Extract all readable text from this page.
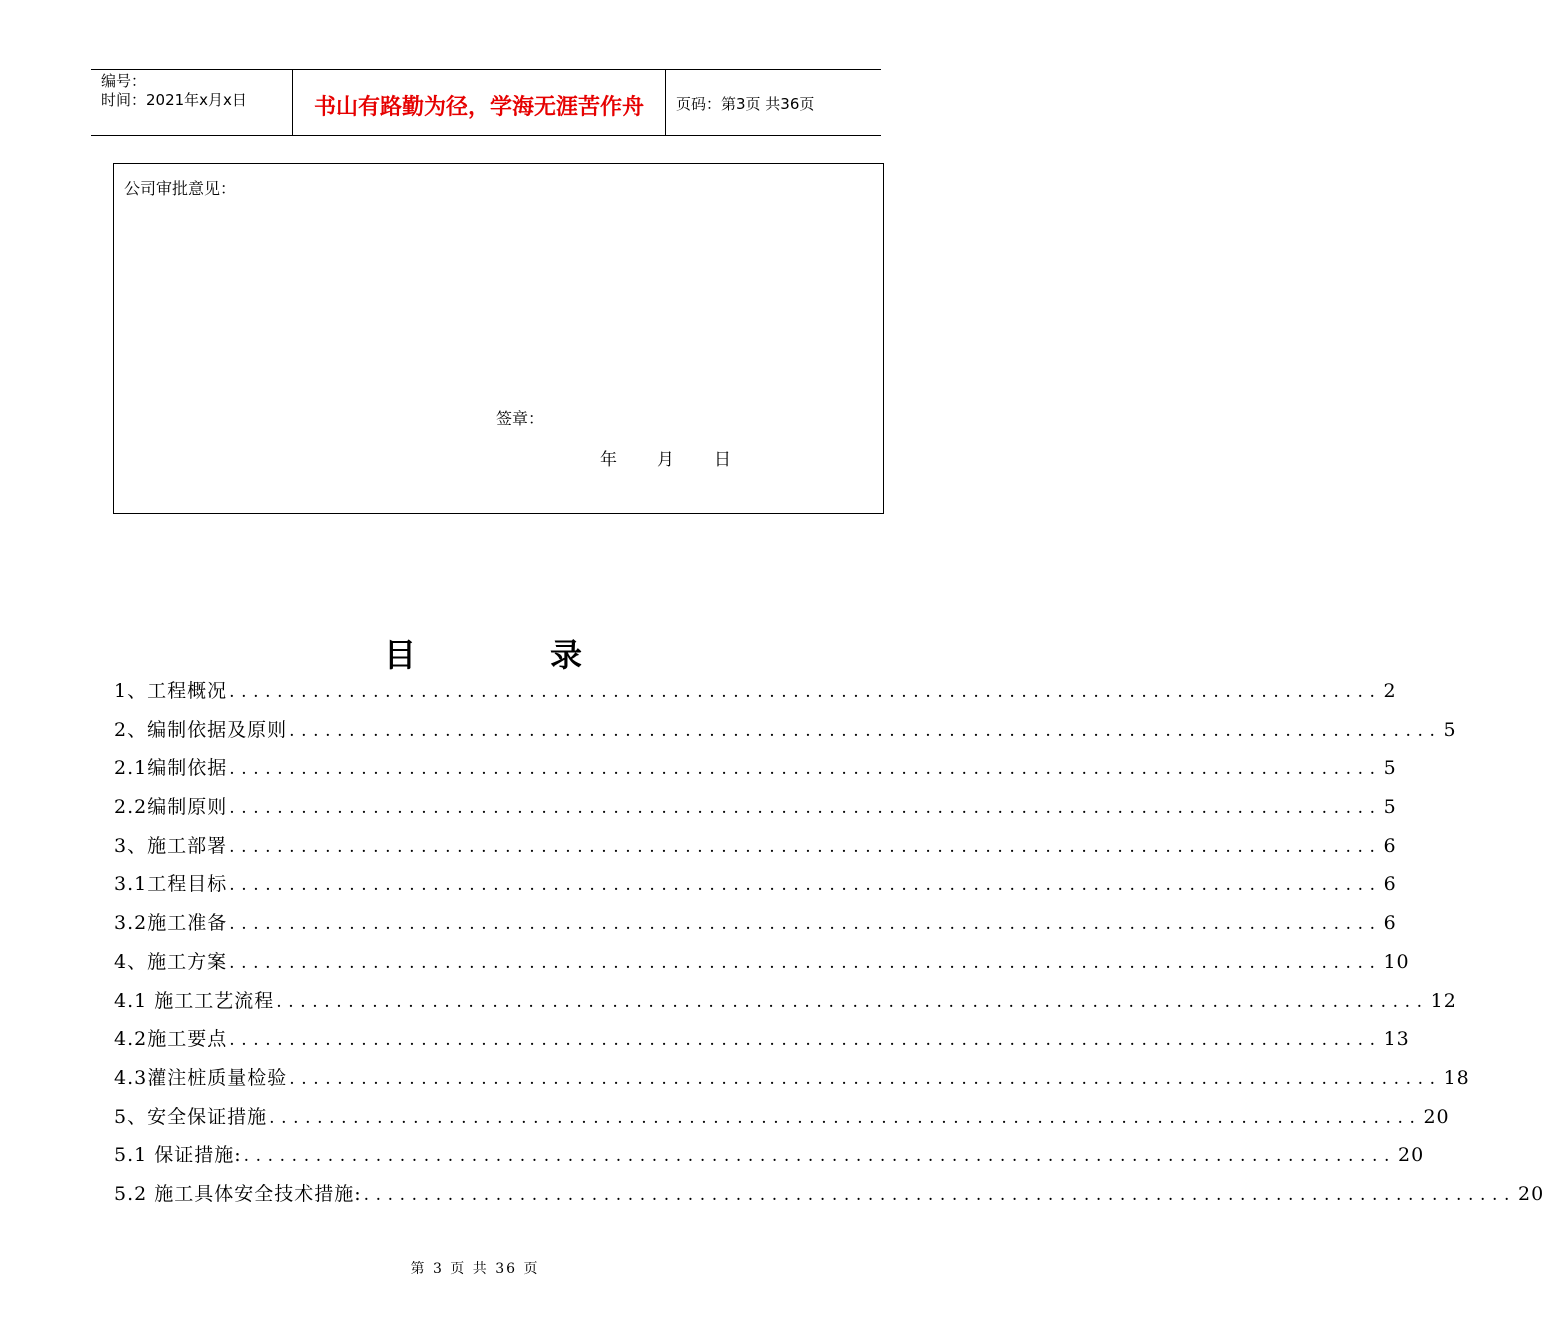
编号：
时间：2021年x月x日	书山有路勤为径，学海无涯苦作舟	页码：第3页 共36页
公司审批意见：
签章：
年 月 日
目	录
1、工程概况 ................................................................................................ 2
2、编制依据及原则 ................................................................................................ 5
2.1编制依据 ................................................................................................ 5
2.2编制原则 ................................................................................................ 5
3、施工部署 ................................................................................................ 6
3.1工程目标 ................................................................................................ 6
3.2施工准备 ................................................................................................ 6
4、施工方案 ................................................................................................ 10
4.1 施工工艺流程 ................................................................................................ 12
4.2施工要点 ................................................................................................ 13
4.3灌注桩质量检验 ................................................................................................ 18
5、安全保证措施 ................................................................................................ 20
5.1 保证措施: ................................................................................................ 20
5.2 施工具体安全技术措施: ................................................................................................ 20
第 3 页 共 36 页
